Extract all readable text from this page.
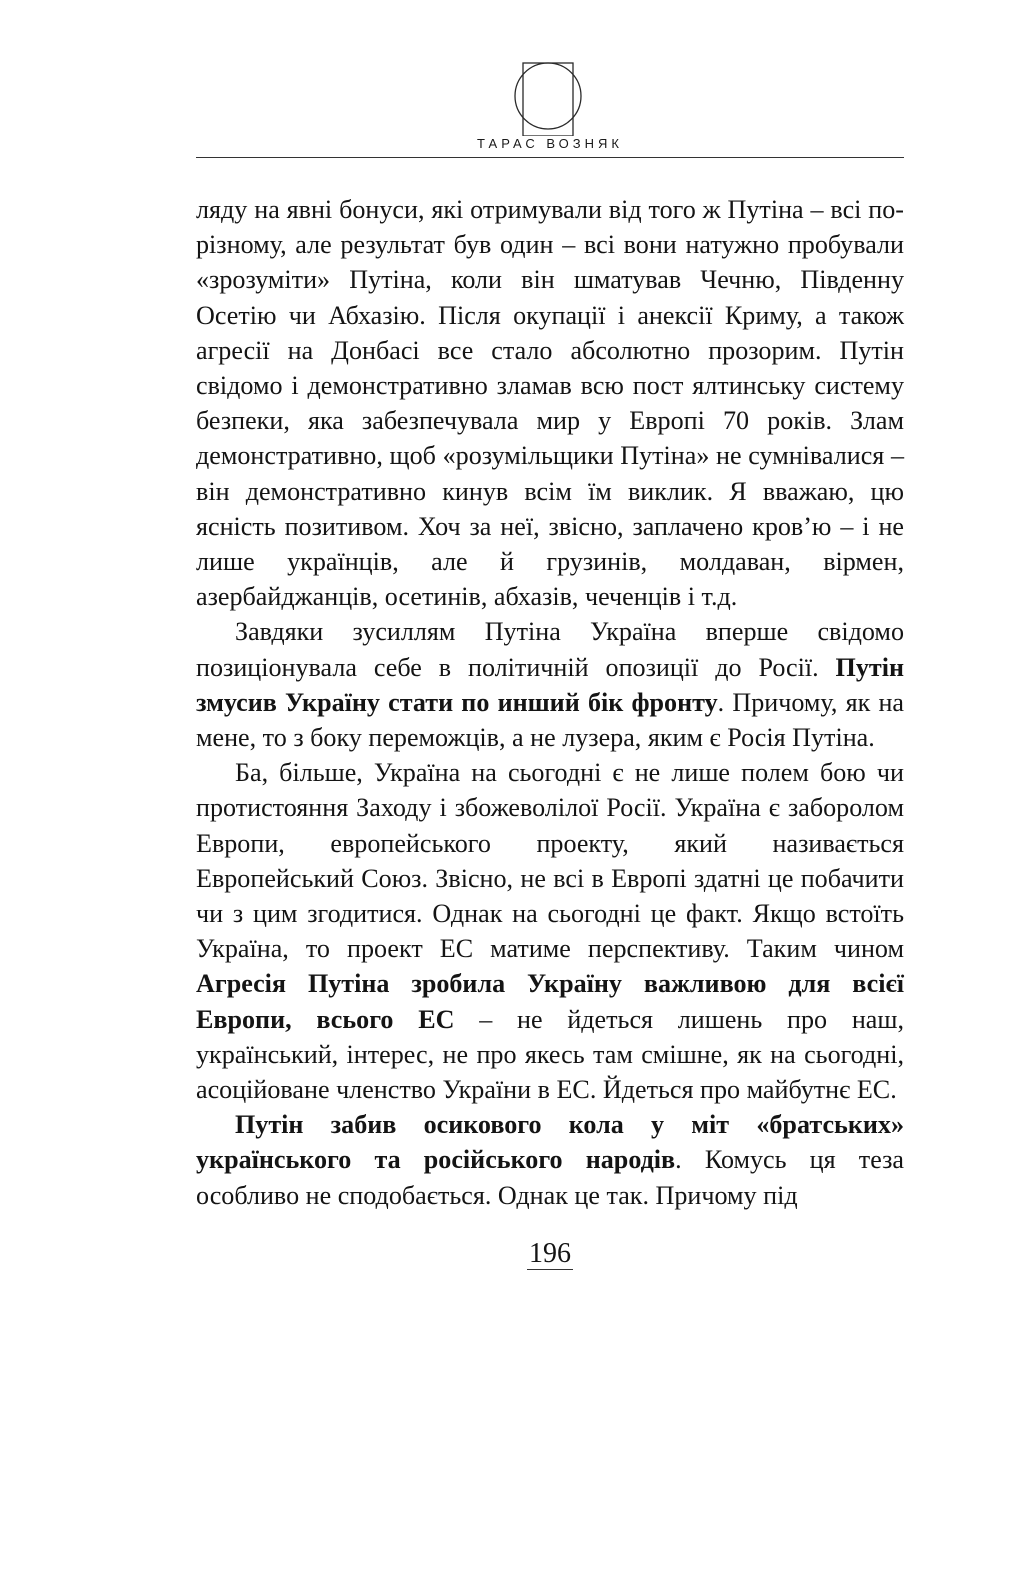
ТАРАС ВОЗНЯК

ляду на явні бонуси, які отримували від того ж Путіна – всі по-різному, але результат був один – всі вони натужно пробували «зрозуміти» Путіна, коли він шматував Чечню, Південну Осетію чи Абхазію. Після окупації і анексії Криму, а також агресії на Донбасі все стало абсолютно прозорим. Путін свідомо і демонстративно зламав всю пост ялтинську систему безпеки, яка забезпечувала мир у Европі 70 років. Злам демонстративно, щоб «розумільщики Путіна» не сумнівалися – він демонстративно кинув всім їм виклик. Я вважаю, цю ясність позитивом. Хоч за неї, звісно, заплачено кров’ю – і не лише українців, але й грузинів, молдаван, вірмен, азербайджанців, осетинів, абхазів, чеченців і т.д.

Завдяки зусиллям Путіна Україна вперше свідомо позиціонувала себе в політичній опозиції до Росії. Путін змусив Україну стати по инший бік фронту. Причому, як на мене, то з боку переможців, а не лузера, яким є Росія Путіна.

Ба, більше, Україна на сьогодні є не лише полем бою чи протистояння Заходу і збожеволілої Росії. Україна є заборолом Европи, европейського проекту, який називається Европейський Союз. Звісно, не всі в Европі здатні це побачити чи з цим згодитися. Однак на сьогодні це факт. Якщо встоїть Україна, то проект ЕС матиме перспективу. Таким чином Агресія Путіна зробила Україну важливою для всієї Европи, всього ЕС – не йдеться лишень про наш, український, інтерес, не про якесь там смішне, як на сьогодні, асоційоване членство України в ЕС. Йдеться про майбутнє ЕС.

Путін забив осикового кола у міт «братських» українського та російського народів. Комусь ця теза особливо не сподобається. Однак це так. Причому під

196
